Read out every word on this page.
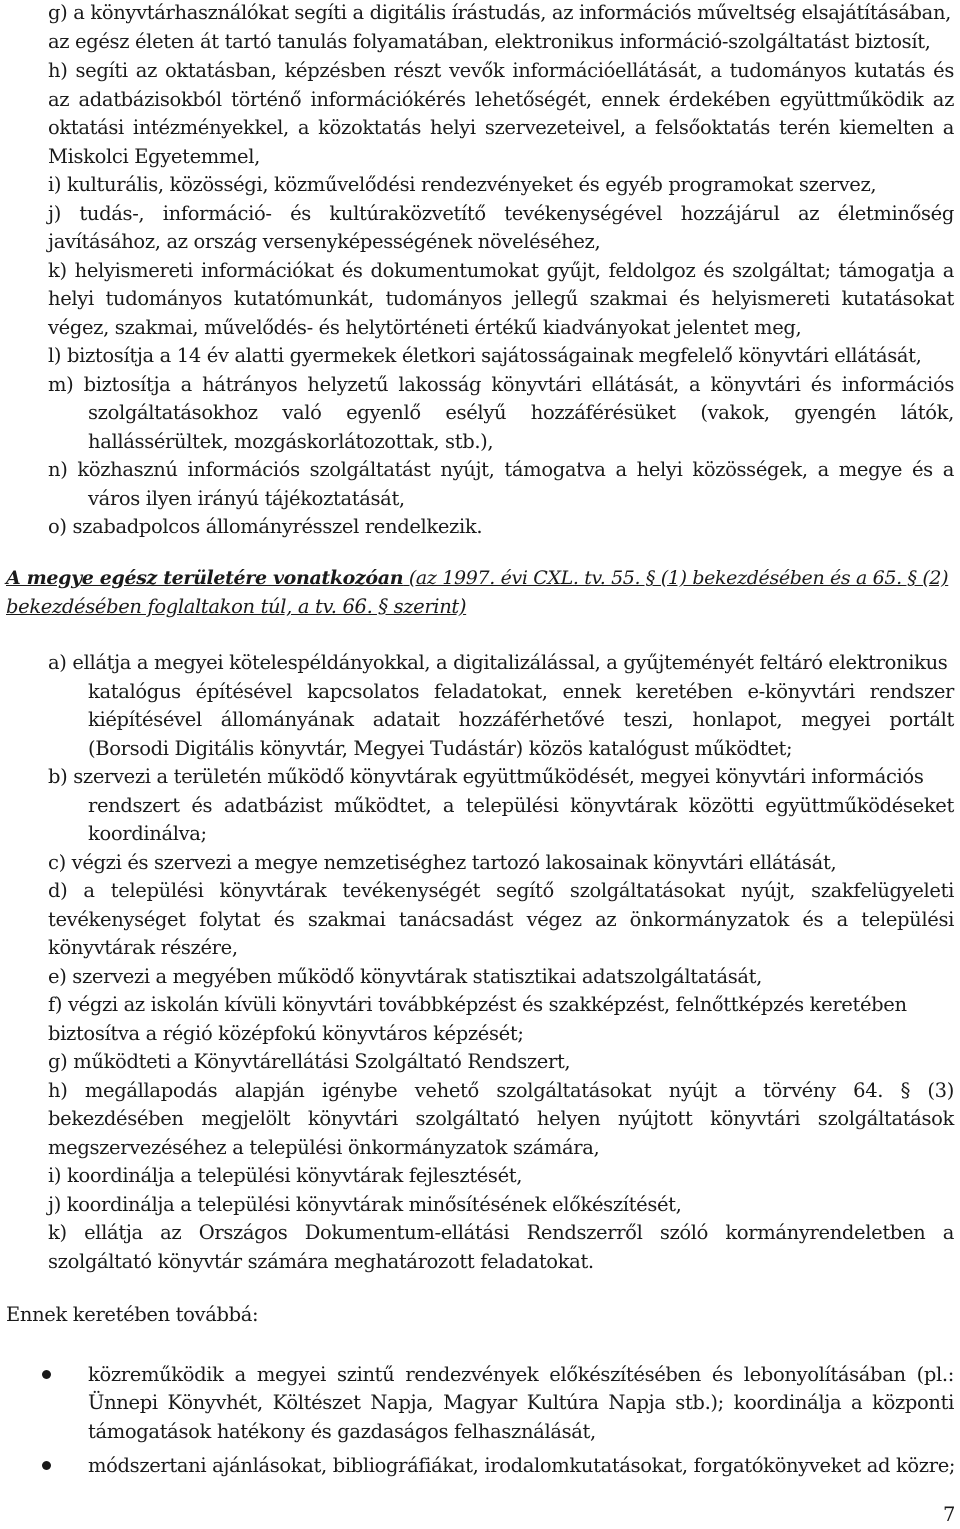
g) a könyvtárhasználókat segíti a digitális írástudás, az információs műveltség elsajátításában,
az egész életen át tartó tanulás folyamatában, elektronikus információ-szolgáltatást biztosít,
h) segíti az oktatásban, képzésben részt vevők információellátását, a tudományos kutatás és
az adatbázisokból történő információkérés lehetőségét, ennek érdekében együttműködik az
oktatási intézményekkel, a közoktatás helyi szervezeteivel, a felsőoktatás terén kiemelten a
Miskolci Egyetemmel,
i) kulturális, közösségi, közművelődési rendezvényeket és egyéb programokat szervez,
j) tudás-, információ- és kultúraközvetítő tevékenységével hozzájárul az életminőség
javításához, az ország versenyképességének növeléséhez,
k) helyismereti információkat és dokumentumokat gyűjt, feldolgoz és szolgáltat; támogatja a
helyi tudományos kutatómunkát, tudományos jellegű szakmai és helyismereti kutatásokat
végez, szakmai, művelődés- és helytörténeti értékű kiadványokat jelentet meg,
l) biztosítja a 14 év alatti gyermekek életkori sajátosságainak megfelelő könyvtári ellátását,
m) biztosítja a hátrányos helyzetű lakosság könyvtári ellátását, a könyvtári és információs
szolgáltatásokhoz való egyenlő esélyű hozzáférésüket (vakok, gyengén látók,
hallássérültek, mozgáskorlátozottak, stb.),
n) közhasznú információs szolgáltatást nyújt, támogatva a helyi közösségek, a megye és a
város ilyen irányú tájékoztatását,
o) szabadpolcos állományrésszel rendelkezik.
A megye egész területére vonatkozóan (az 1997. évi CXL. tv. 55. § (1) bekezdésében és a 65. § (2)
bekezdésében foglaltakon túl, a tv. 66. § szerint)
a) ellátja a megyei kötelespéldányokkal, a digitalizálással, a gyűjteményét feltáró elektronikus
katalógus építésével kapcsolatos feladatokat, ennek keretében e-könyvtári rendszer
kiépítésével állományának adatait hozzáférhetővé teszi, honlapot, megyei portált
(Borsodi Digitális könyvtár, Megyei Tudástár) közös katalógust működtet;
b) szervezi a területén működő könyvtárak együttműködését, megyei könyvtári információs
rendszert és adatbázist működtet, a települési könyvtárak közötti együttműködéseket
koordinálva;
c) végzi és szervezi a megye nemzetiséghez tartozó lakosainak könyvtári ellátását,
d) a települési könyvtárak tevékenységét segítő szolgáltatásokat nyújt, szakfelügyeleti
tevékenységet folytat és szakmai tanácsadást végez az önkormányzatok és a települési
könyvtárak részére,
e) szervezi a megyében működő könyvtárak statisztikai adatszolgáltatását,
f) végzi az iskolán kívüli könyvtári továbbképzést és szakképzést, felnőttképzés keretében
biztosítva a régió középfokú könyvtáros képzését;
g) működteti a Könyvtárellátási Szolgáltató Rendszert,
h) megállapodás alapján igénybe vehető szolgáltatásokat nyújt a törvény 64. § (3)
bekezdésében megjelölt könyvtári szolgáltató helyen nyújtott könyvtári szolgáltatások
megszervezéséhez a települési önkormányzatok számára,
i) koordinálja a települési könyvtárak fejlesztését,
j) koordinálja a települési könyvtárak minősítésének előkészítését,
k) ellátja az Országos Dokumentum-ellátási Rendszerről szóló kormányrendeletben a
szolgáltató könyvtár számára meghatározott feladatokat.
Ennek keretében továbbá:
közreműködik a megyei szintű rendezvények előkészítésében és lebonyolításában (pl.:
Ünnepi Könyvhét, Költészet Napja, Magyar Kultúra Napja stb.); koordinálja a központi
támogatások hatékony és gazdaságos felhasználását,
módszertani ajánlásokat, bibliográfiákat, irodalomkutatásokat, forgatókönyveket ad közre;
7
